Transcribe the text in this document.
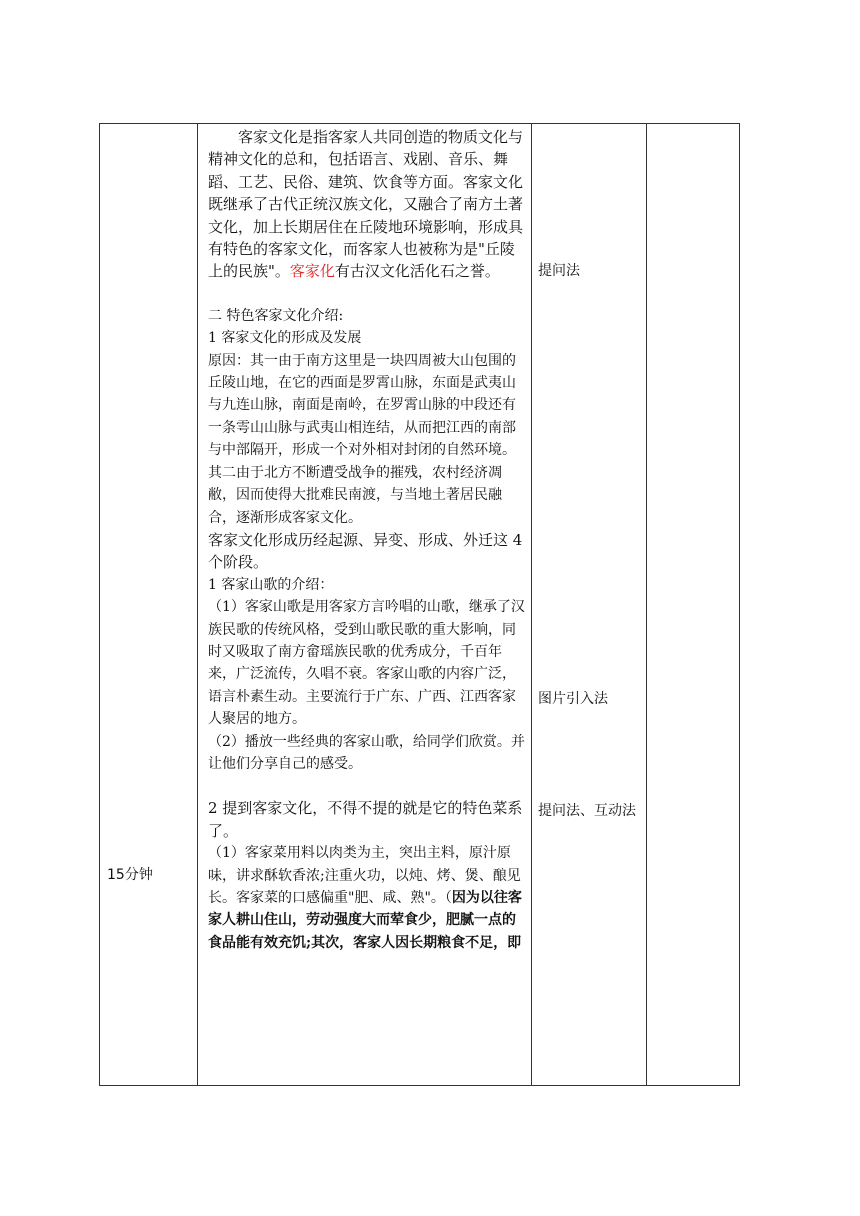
15分钟

客家文化是指客家人共同创造的物质文化与精神文化的总和，包括语言、戏剧、音乐、舞蹈、工艺、民俗、建筑、饮食等方面。客家文化既继承了古代正统汉族文化，又融合了南方土著文化，加上长期居住在丘陵地环境影响，形成具有特色的客家文化，而客家人也被称为是"丘陵上的民族"。客家化有古汉文化活化石之誉。

二 特色客家文化介绍:

1 客家文化的形成及发展

原因：其一由于南方这里是一块四周被大山包围的丘陵山地，在它的西面是罗霄山脉，东面是武夷山与九连山脉，南面是南岭，在罗霄山脉的中段还有一条雩山山脉与武夷山相连结，从而把江西的南部与中部隔开，形成一个对外相对封闭的自然环境。其二由于北方不断遭受战争的摧残，农村经济凋敝，因而使得大批难民南渡，与当地土著居民融合，逐渐形成客家文化。

客家文化形成历经起源、异变、形成、外迁这 4 个阶段。

1 客家山歌的介绍：

（1）客家山歌是用客家方言吟唱的山歌，继承了汉族民歌的传统风格，受到山歌民歌的重大影响，同时又吸取了南方畲瑶族民歌的优秀成分，千百年来，广泛流传，久唱不衰。客家山歌的内容广泛，语言朴素生动。主要流行于广东、广西、江西客家人聚居的地方。

（2）播放一些经典的客家山歌，给同学们欣赏。并让他们分享自己的感受。

2 提到客家文化，不得不提的就是它的特色菜系了。

（1）客家菜用料以肉类为主，突出主料，原汁原味，讲求酥软香浓;注重火功，以炖、烤、煲、酿见长。客家菜的口感偏重"肥、咸、熟"。（因为以往客家人耕山住山，劳动强度大而荤食少，肥腻一点的食品能有效充饥;其次，客家人因长期粮食不足，即

提问法
图片引入法
提问法、互动法
